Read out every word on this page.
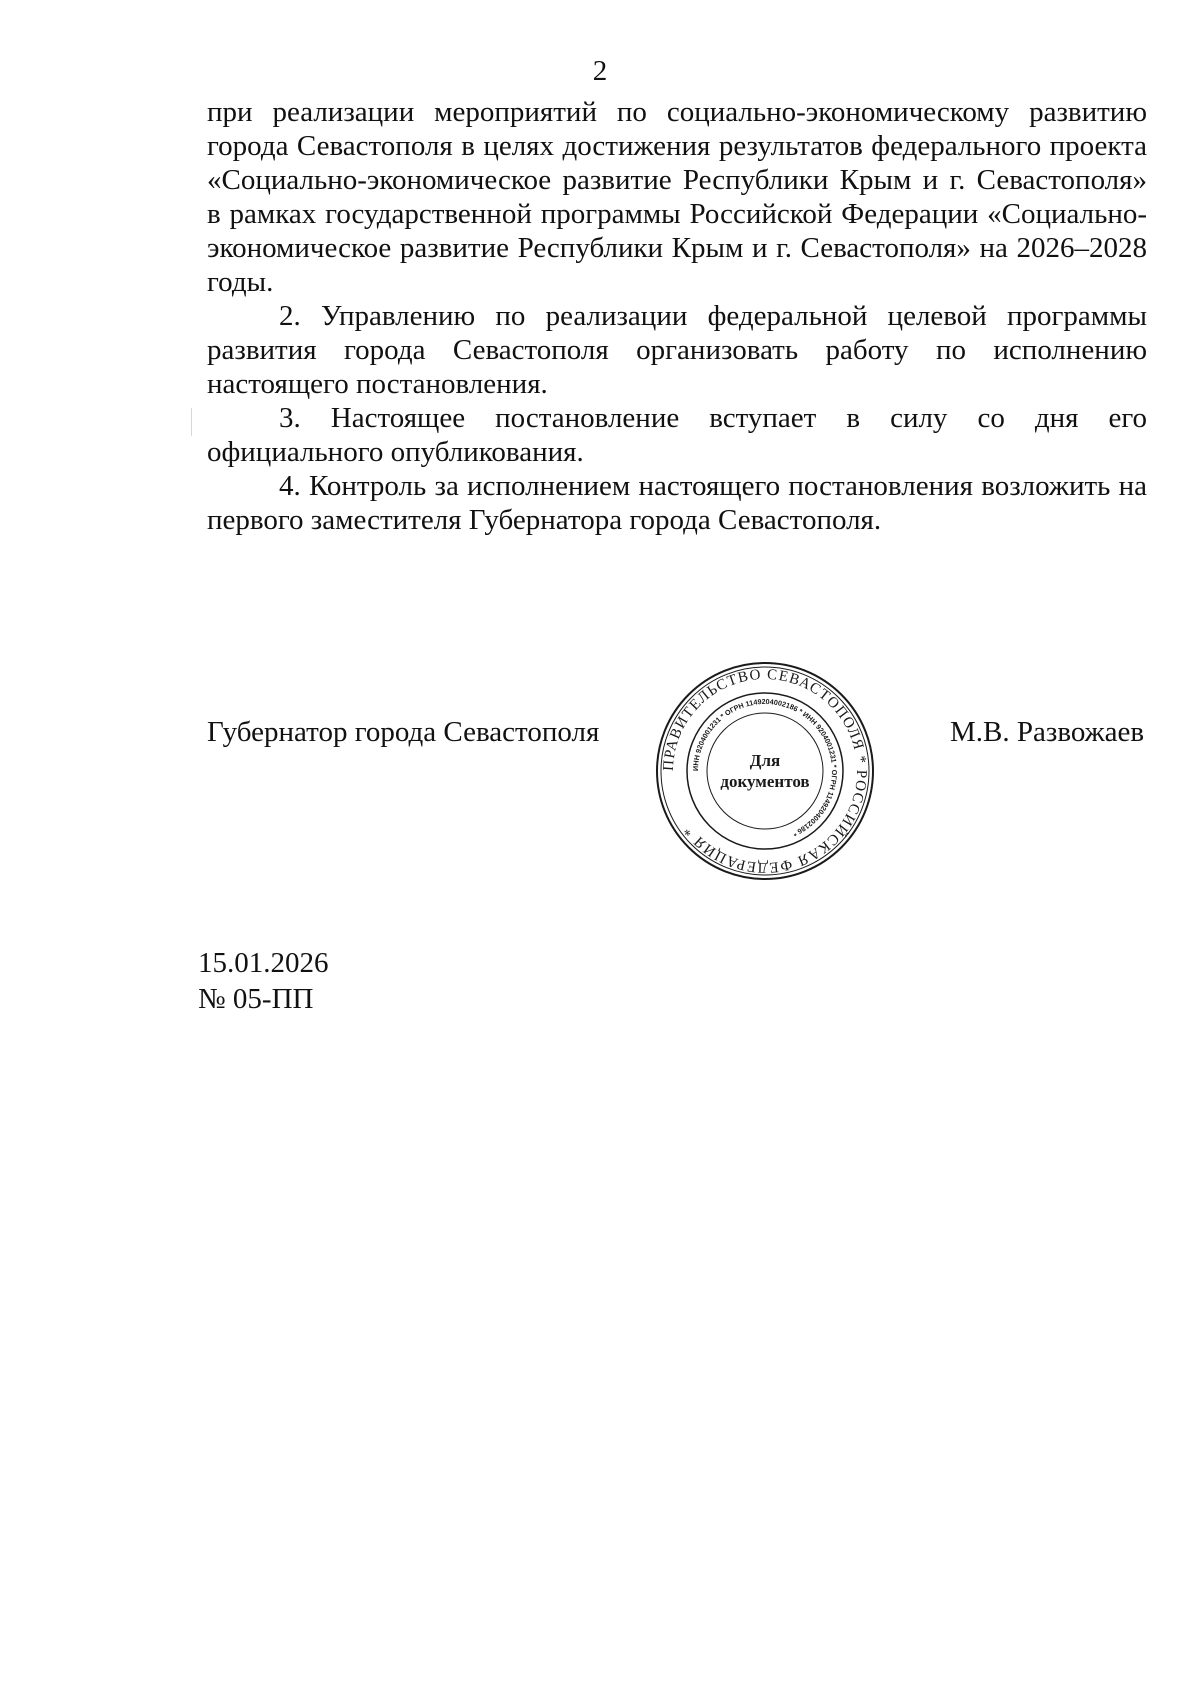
2
при реализации мероприятий по социально-экономическому развитию
города Севастополя в целях достижения результатов федерального проекта
«Социально-экономическое развитие Республики Крым и г. Севастополя»
в рамках государственной программы Российской Федерации «Социально-
экономическое развитие Республики Крым и г. Севастополя» на 2026–2028
годы.

2. Управлению по реализации федеральной целевой программы развития города Севастополя организовать работу по исполнению настоящего постановления.

3. Настоящее постановление вступает в силу со дня его официального опубликования.

4. Контроль за исполнением настоящего постановления возложить на первого заместителя Губернатора города Севастополя.

Губернатор города Севастополя
ПРАВИТЕЛЬСТВО СЕВАСТОПОЛЯ * РОССИЙСКАЯ ФЕДЕРАЦИЯ *
ИНН 9204001231 * ОГРН 1149204002186 * ИНН 9204001231 * ОГРН 1149204002186 *
Для
документов
М.В. Развожаев
15.01.2026
№ 05-ПП
